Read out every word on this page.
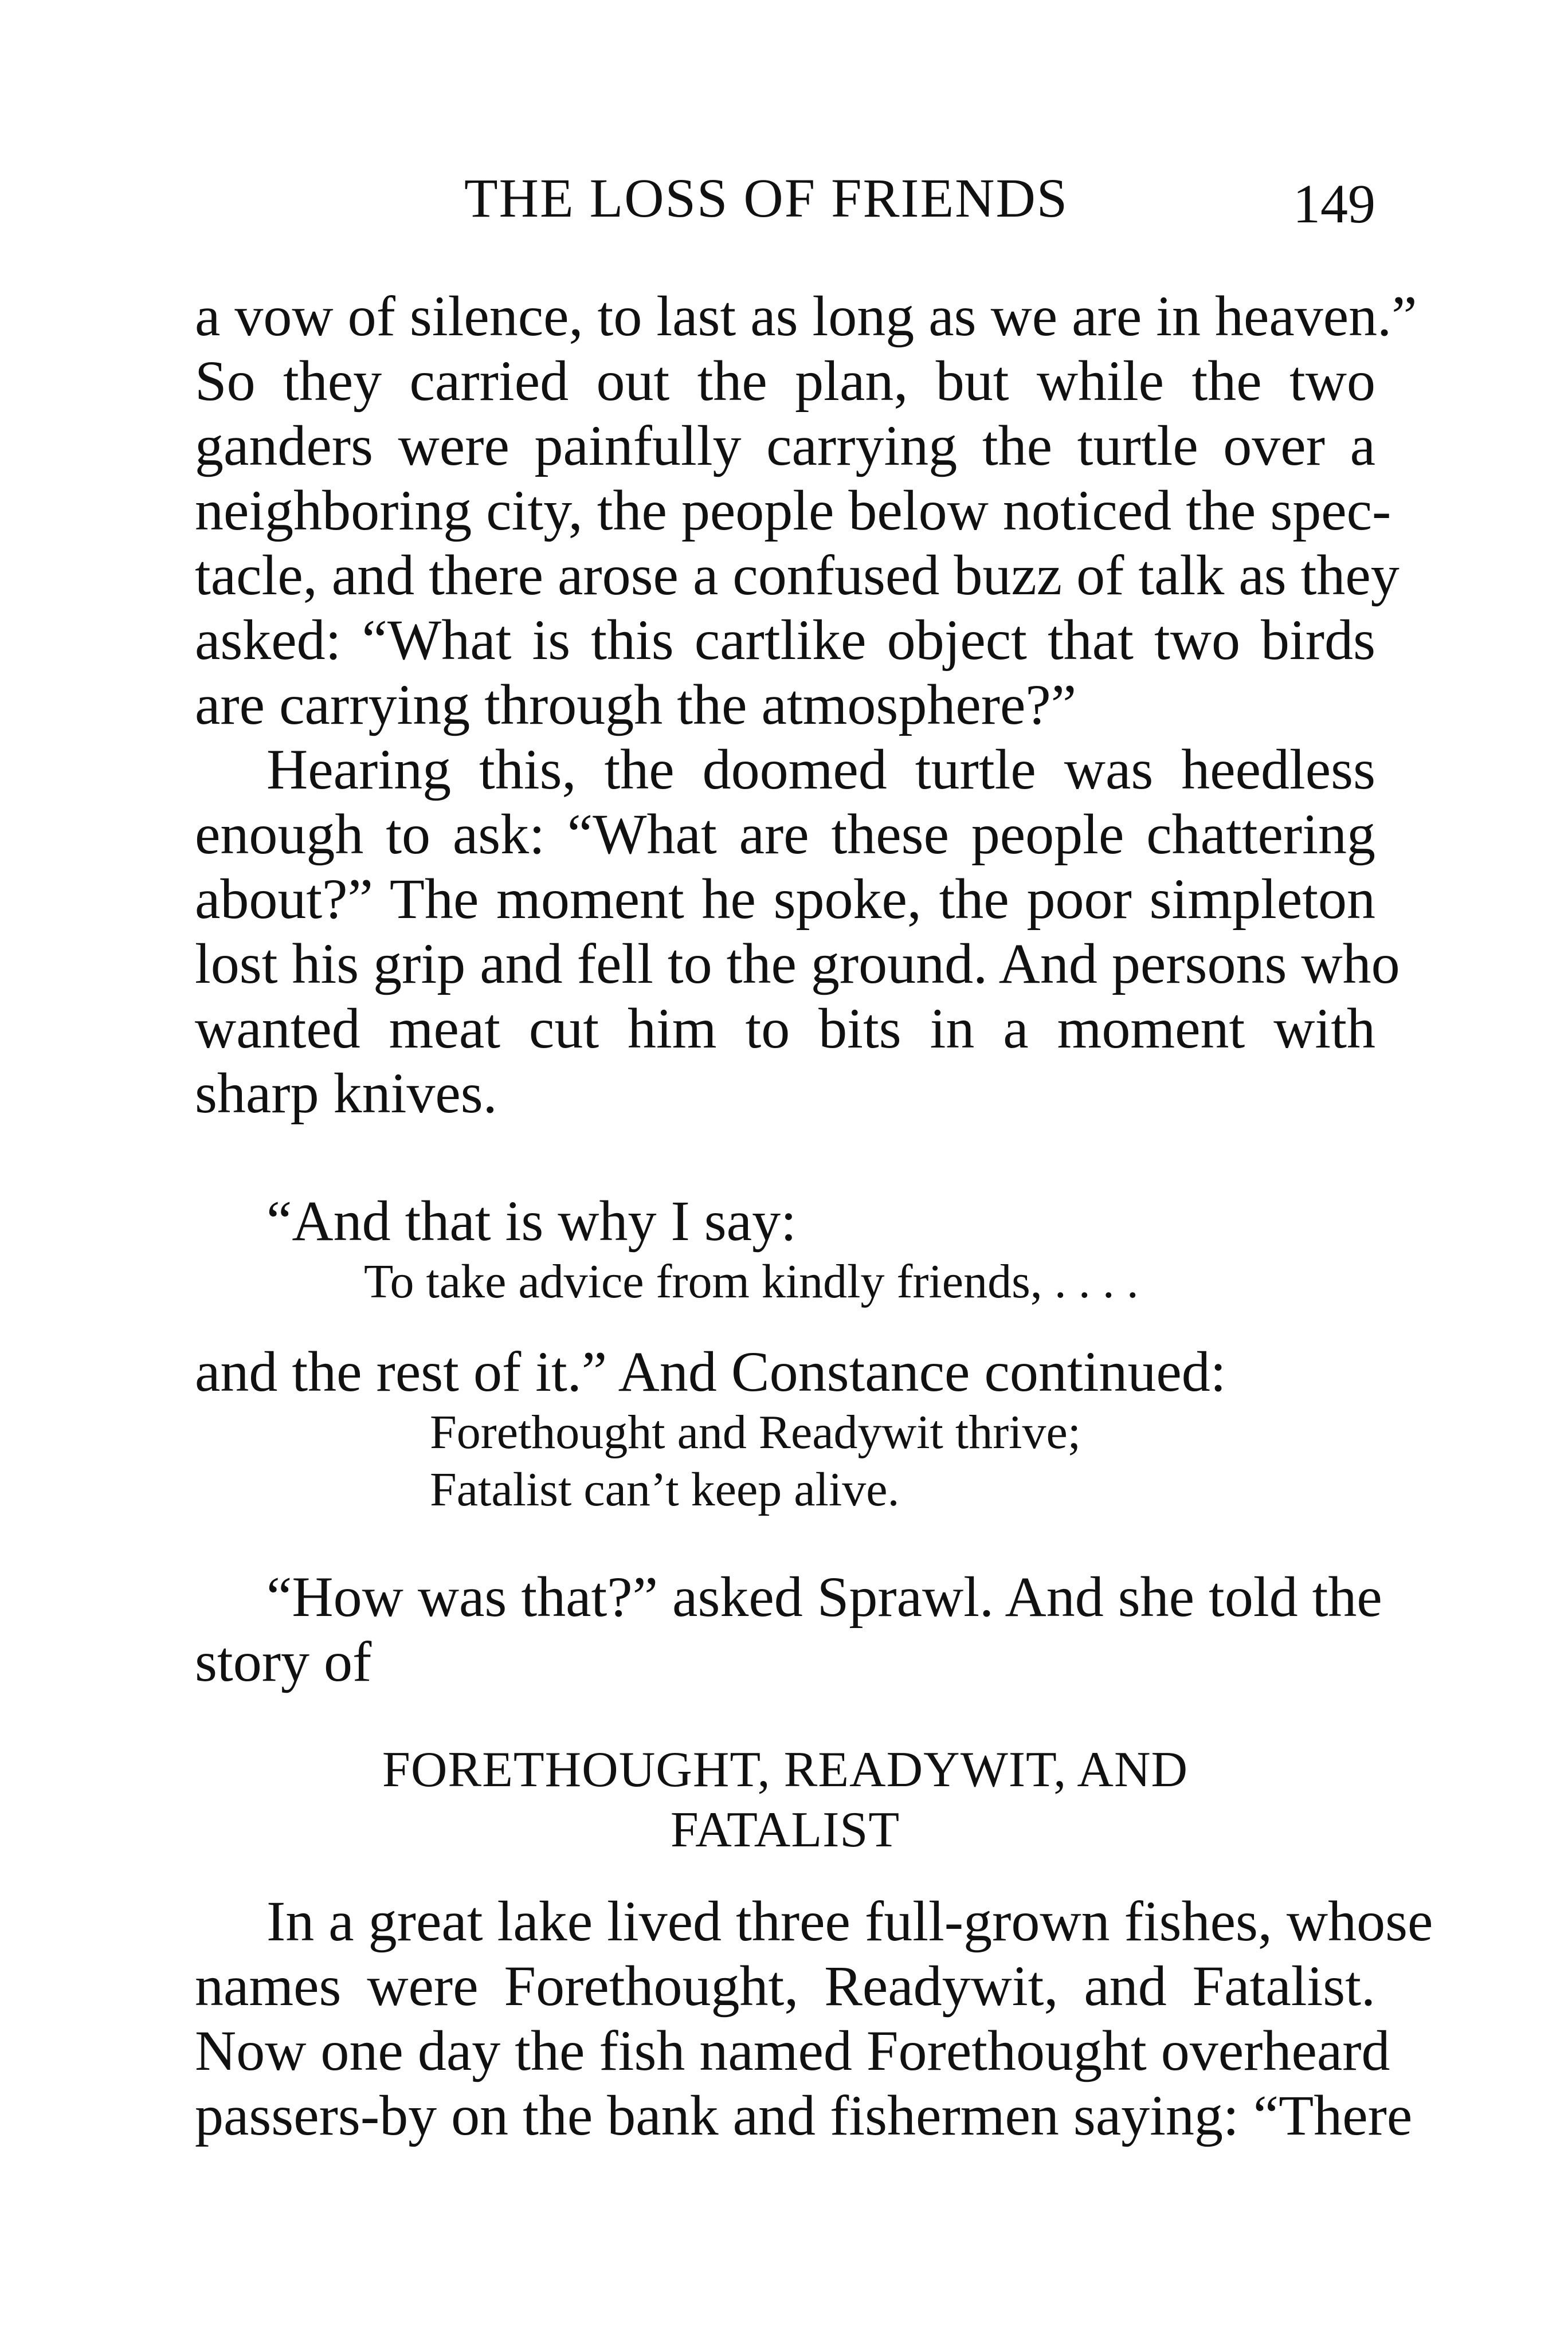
THE LOSS OF FRIENDS	149
a vow of silence, to last as long as we are in heaven.”
So they carried out the plan, but while the two
ganders were painfully carrying the turtle over a
neighboring city, the people below noticed the spec-
tacle, and there arose a confused buzz of talk as they
asked: “What is this cartlike object that two birds
are carrying through the atmosphere?”
Hearing this, the doomed turtle was heedless
enough to ask: “What are these people chattering
about?” The moment he spoke, the poor simpleton
lost his grip and fell to the ground. And persons who
wanted meat cut him to bits in a moment with
sharp knives.
“And that is why I say:
To take advice from kindly friends, . . . .
and the rest of it.” And Constance continued:
Forethought and Readywit thrive;
Fatalist can’t keep alive.
“How was that?” asked Sprawl. And she told the
story of
FORETHOUGHT, READYWIT, AND
FATALIST
In a great lake lived three full-grown fishes, whose
names were Forethought, Readywit, and Fatalist.
Now one day the fish named Forethought overheard
passers-by on the bank and fishermen saying: “There
